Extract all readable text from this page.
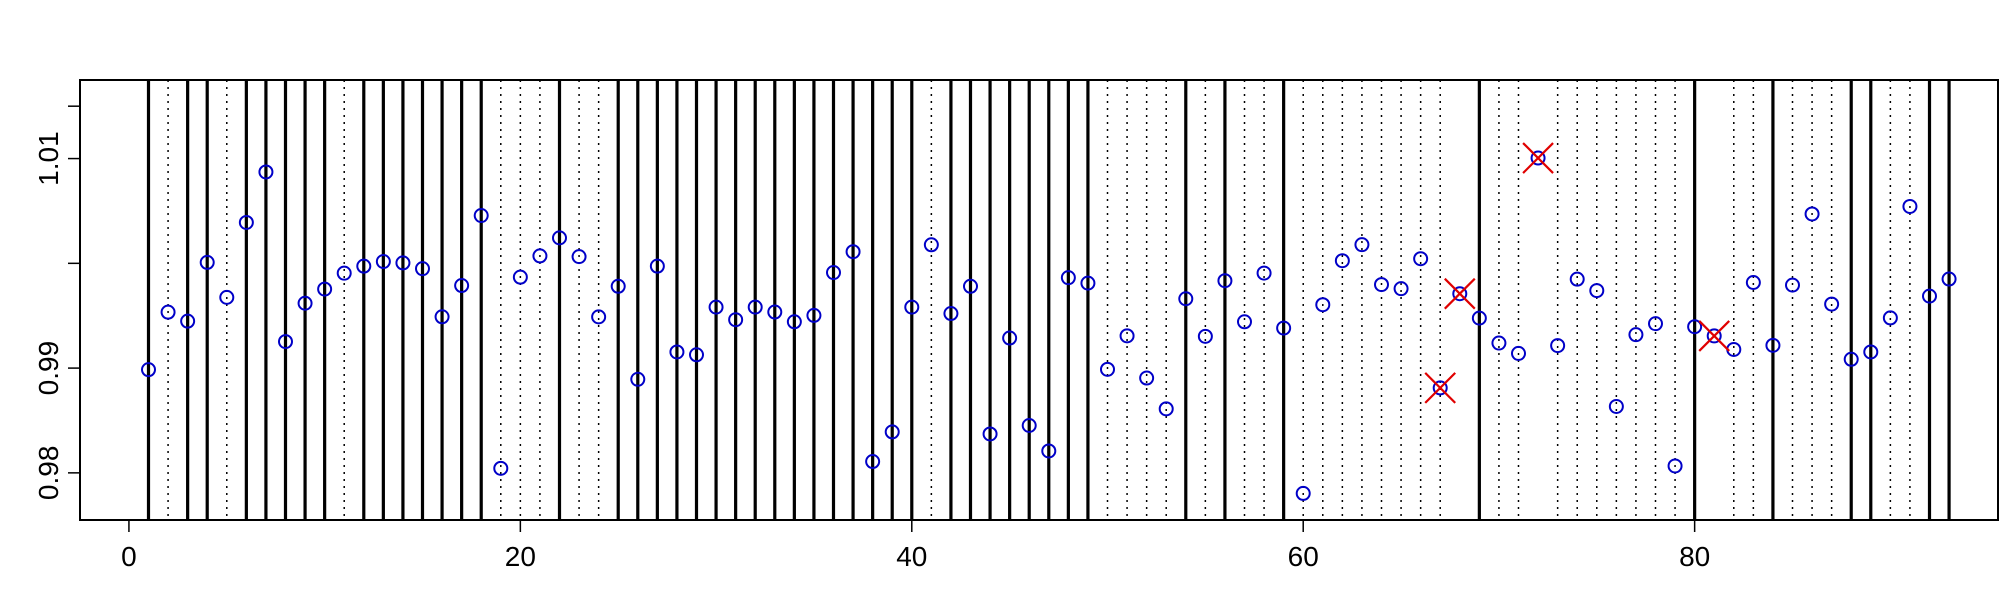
0	20	40	60	80
0.98
0.99
1.01
